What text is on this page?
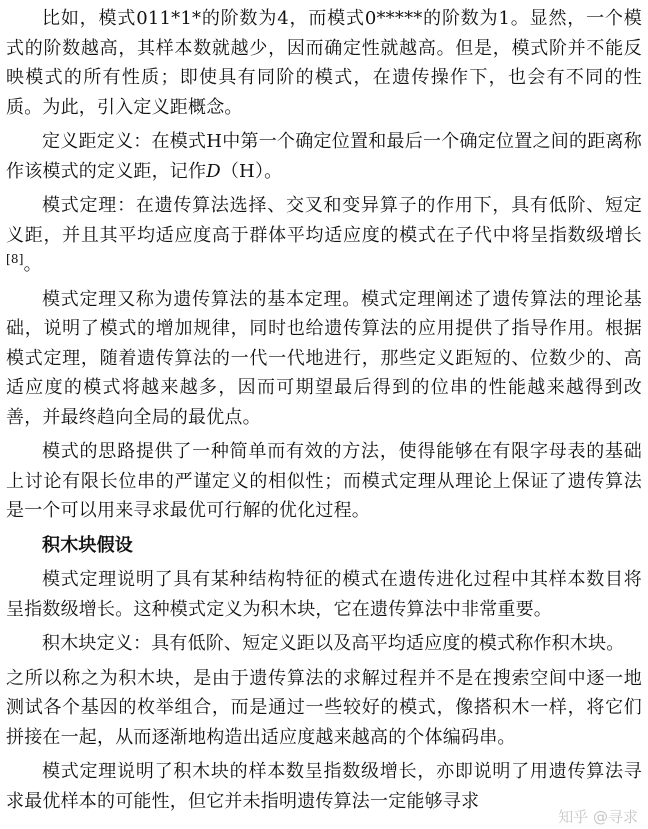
比如，模式011*1*的阶数为4，而模式0*****的阶数为1。显然，一个模式的阶数越高，其样本数就越少，因而确定性就越高。但是，模式阶并不能反映模式的所有性质；即使具有同阶的模式，在遗传操作下，也会有不同的性质。为此，引入定义距概念。

定义距定义：在模式H中第一个确定位置和最后一个确定位置之间的距离称作该模式的定义距，记作D（H）。

模式定理：在遗传算法选择、交叉和变异算子的作用下，具有低阶、短定义距，并且其平均适应度高于群体平均适应度的模式在子代中将呈指数级增长[8]。

模式定理又称为遗传算法的基本定理。模式定理阐述了遗传算法的理论基础，说明了模式的增加规律，同时也给遗传算法的应用提供了指导作用。根据模式定理，随着遗传算法的一代一代地进行，那些定义距短的、位数少的、高适应度的模式将越来越多，因而可期望最后得到的位串的性能越来越得到改善，并最终趋向全局的最优点。

模式的思路提供了一种简单而有效的方法，使得能够在有限字母表的基础上讨论有限长位串的严谨定义的相似性；而模式定理从理论上保证了遗传算法是一个可以用来寻求最优可行解的优化过程。

积木块假设

模式定理说明了具有某种结构特征的模式在遗传进化过程中其样本数目将呈指数级增长。这种模式定义为积木块，它在遗传算法中非常重要。

积木块定义：具有低阶、短定义距以及高平均适应度的模式称作积木块。

之所以称之为积木块，是由于遗传算法的求解过程并不是在搜索空间中逐一地测试各个基因的枚举组合，而是通过一些较好的模式，像搭积木一样，将它们拼接在一起，从而逐渐地构造出适应度越来越高的个体编码串。

模式定理说明了积木块的样本数呈指数级增长，亦即说明了用遗传算法寻求最优样本的可能性，但它并未指明遗传算法一定能够寻求

知乎 @寻求
